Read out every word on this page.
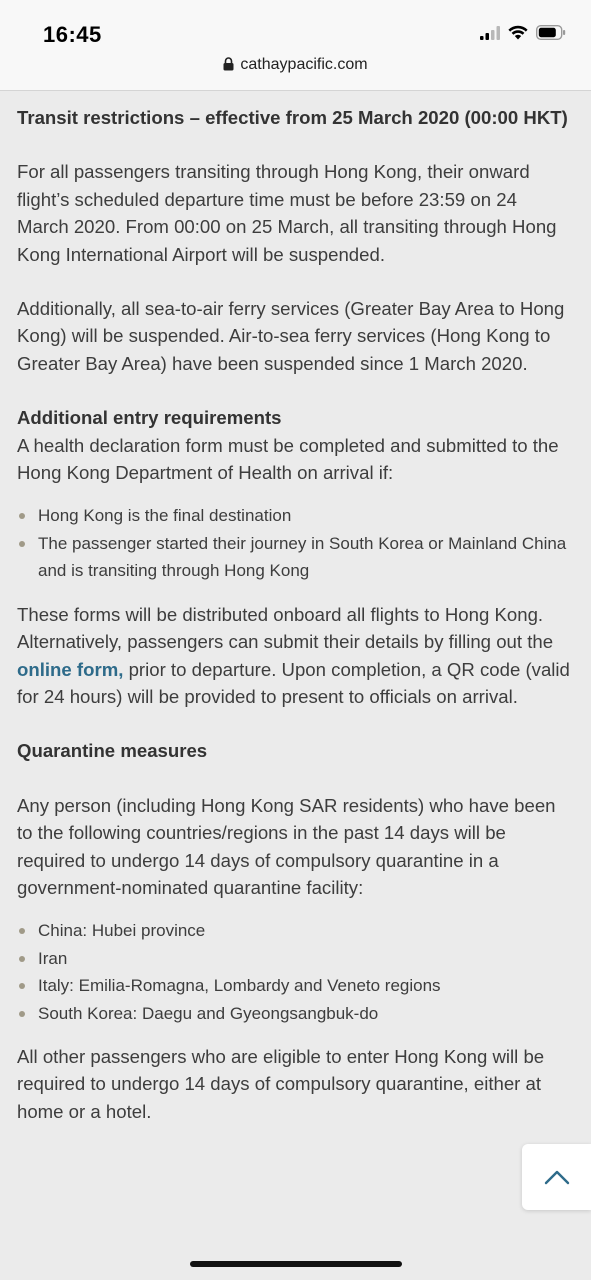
16:45
cathaypacific.com

Transit restrictions – effective from 25 March 2020 (00:00 HKT)

For all passengers transiting through Hong Kong, their onward flight’s scheduled departure time must be before 23:59 on 24 March 2020. From 00:00 on 25 March, all transiting through Hong Kong International Airport will be suspended.

Additionally, all sea-to-air ferry services (Greater Bay Area to Hong Kong) will be suspended. Air-to-sea ferry services (Hong Kong to Greater Bay Area) have been suspended since 1 March 2020.

Additional entry requirements

A health declaration form must be completed and submitted to the Hong Kong Department of Health on arrival if:

Hong Kong is the final destination
The passenger started their journey in South Korea or Mainland China and is transiting through Hong Kong

These forms will be distributed onboard all flights to Hong Kong. Alternatively, passengers can submit their details by filling out the online form, prior to departure. Upon completion, a QR code (valid for 24 hours) will be provided to present to officials on arrival.

Quarantine measures

Any person (including Hong Kong SAR residents) who have been to the following countries/regions in the past 14 days will be required to undergo 14 days of compulsory quarantine in a government-nominated quarantine facility:

China: Hubei province
Iran
Italy: Emilia-Romagna, Lombardy and Veneto regions
South Korea: Daegu and Gyeongsangbuk-do

All other passengers who are eligible to enter Hong Kong will be required to undergo 14 days of compulsory quarantine, either at home or a hotel.
